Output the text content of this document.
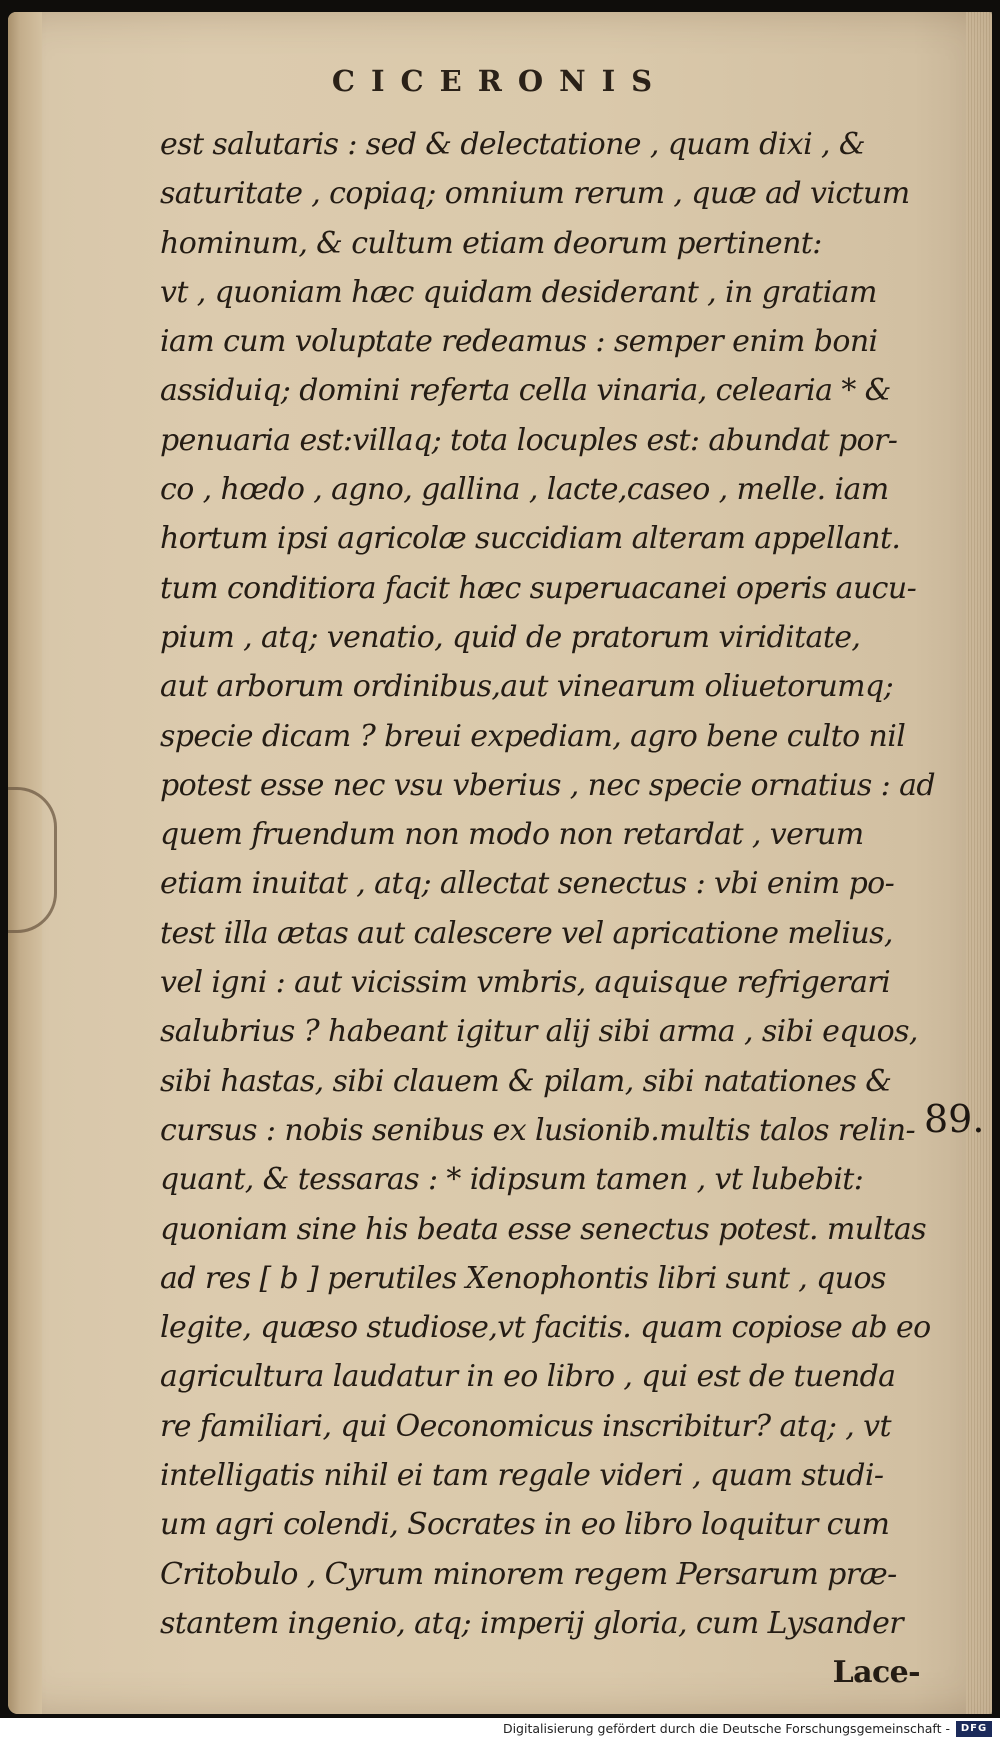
CICERONIS
est salutaris : sed & delectatione , quam dixi , &
saturitate , copiaq; omnium rerum , quæ ad victum
hominum, & cultum etiam deorum pertinent:
vt , quoniam hæc quidam desiderant , in gratiam
iam cum voluptate redeamus : semper enim boni
assiduiq; domini referta cella vinaria, celearia * &
penuaria est:villaq; tota locuples est: abundat por-
co , hœdo , agno, gallina , lacte,caseo , melle. iam
hortum ipsi agricolæ succidiam alteram appellant.
tum conditiora facit hæc superuacanei operis aucu-
pium , atq; venatio, quid de pratorum viriditate,
aut arborum ordinibus,aut vinearum oliuetorumq;
specie dicam ? breui expediam, agro bene culto nil
potest esse nec vsu vberius , nec specie ornatius : ad
quem fruendum non modo non retardat , verum
etiam inuitat , atq; allectat senectus : vbi enim po-
test illa ætas aut calescere vel apricatione melius,
vel igni : aut vicissim vmbris, aquisque refrigerari
salubrius ? habeant igitur alij sibi arma , sibi equos,
sibi hastas, sibi clauem & pilam, sibi natationes &
cursus : nobis senibus ex lusionib.multis talos relin-
quant, & tessaras : * idipsum tamen , vt lubebit:
quoniam sine his beata esse senectus potest. multas
ad res [ b ] perutiles Xenophontis libri sunt , quos
legite, quæso studiose,vt facitis. quam copiose ab eo
agricultura laudatur in eo libro , qui est de tuenda
re familiari, qui Oeconomicus inscribitur? atq; , vt
intelligatis nihil ei tam regale videri , quam studi-
um agri colendi, Socrates in eo libro loquitur cum
Critobulo , Cyrum minorem regem Persarum præ-
stantem ingenio, atq; imperij gloria, cum Lysander
Lace-
89.
Digitalisierung gefördert durch die Deutsche Forschungsgemeinschaft -	DFG
